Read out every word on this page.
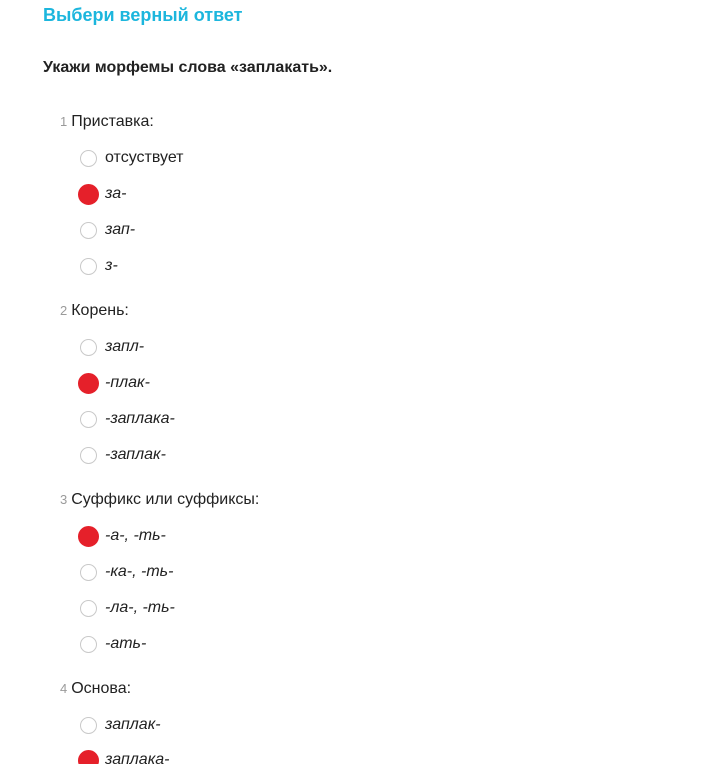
Выбери верный ответ
Укажи морфемы слова «заплакать».
1 Приставка:
отсуствует
за-
зап-
з-
2 Корень:
запл-
-плак-
-заплака-
-заплак-
3 Суффикс или суффиксы:
-а-, -ть-
-ка-, -ть-
-ла-, -ть-
-ать-
4 Основа:
заплак-
заплака-
